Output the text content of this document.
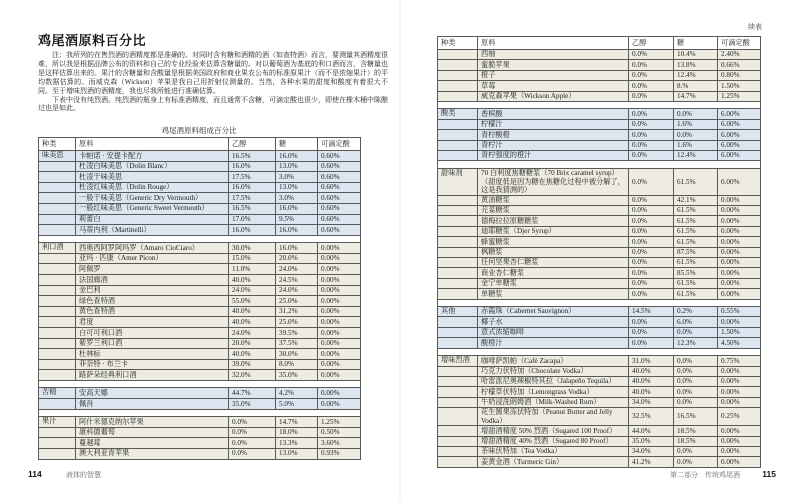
鸡尾酒原料百分比

注：我所列的在售烈酒的酒精度都是准确的。对同时含有糖和酒精的酒（如查特酒）而言，要测量其酒精度很难，所以我是根据品牌公布的资料和自己的专业经验来估算含糖量的。对以葡萄酒为基底的利口酒而言，含糖量也是这样估算出来的。果汁的含糖量和含酸量是根据美国政府和商业果农公布的标准原果汁（而不是浓缩果汁）的平均数据估算的。而威克森（Wickson）苹果是我自己用折射仪测量的。当然，各种水果的甜度和酸度有着很大不同。至于增味烈酒的酒精度，我也尽我所能进行准确估算。

下表中没有纯烈酒。纯烈酒的瓶身上有标准酒精度，而且通常不含糖，可滴定酸也很少，即使在橡木桶中陈酿过也是如此。

鸡尾酒原料组成百分比
种类	原料	乙醇	糖	可滴定酸
味美思	卡帕诺 · 安提卡配方	16.5%	16.0%	0.60%
	杜凌白味美思（Dolin Blanc）	16.0%	13.0%	0.60%
	杜凌干味美思	17.5%	3.0%	0.60%
	杜凌红味美思（Dolin Rouge）	16.0%	13.0%	0.60%
	一般干味美思（Generic Dry Vermouth）	17.5%	3.0%	0.60%
	一般红味美思（Generic Sweet Vermouth）	16.5%	16.0%	0.60%
	莉蕾白	17.0%	9.5%	0.60%
	马蒂内利（Martinelli）	16.0%	16.0%	0.60%

利口酒	西奥西阿罗阿玛罗（Amaro CioCiaro）	30.0%	16.0%	0.00%
	亚玛 · 匹康（Amer Picon）	15.0%	20.0%	0.00%
	阿佩罗	11.0%	24.0%	0.00%
	法国廊酒	40.0%	24.5%	0.00%
	金巴利	24.0%	24.0%	0.00%
	绿色查特酒	55.0%	25.0%	0.00%
	黄色查特酒	40.0%	31.2%	0.00%
	君度	40.0%	25.0%	0.00%
	白可可利口酒	24.0%	39.5%	0.00%
	紫罗兰利口酒	20.0%	37.5%	0.00%
	杜林标	40.0%	30.0%	0.00%
	菲奈特 · 布兰卡	39.0%	8.0%	0.00%
	路萨朵经典利口酒	32.0%	35.0%	0.00%

苦精	安高天娜	44.7%	4.2%	0.00%
	佩肖	35.0%	5.0%	0.00%

果汁	阿什米德克纳尔苹果	0.0%	14.7%	1.25%
	康科德葡萄	0.0%	18.0%	0.50%
	蔓越莓	0.0%	13.3%	3.60%
	澳大利亚青苹果	0.0%	13.0%	0.93%
114	液体的智慧
续表
种类	原料	乙醇	糖	可滴定酸
	西柚	0.0%	10.4%	2.40%
	蜜脆苹果	0.0%	13.8%	0.66%
	橙子	0.0%	12.4%	0.80%
	草莓	0.0%	8.%	1.50%
	威克森苹果（Wickson Apple）	0.0%	14.7%	1.25%

酸类	香槟酸	0.0%	0.0%	6.00%
	柠檬汁	0.0%	1.6%	6.00%
	青柠酸橙	0.0%	0.0%	6.00%
	青柠汁	0.0%	1.6%	6.00%
	青柠强度的橙汁	0.0%	12.4%	6.00%

甜味剂	70 白利度焦糖糖浆（70 Brix caramel syrup）（甜度低是因为糖在焦糖化过程中被分解了，这是我猜测的）	0.0%	61.5%	0.00%
	黄油糖浆	0.0%	42.1%	0.00%
	芫荽糖浆	0.0%	61.5%	0.00%
	德梅拉拉原糖糖浆	0.0%	61.5%	0.00%
	迪耶糖浆（Djer Syrup）	0.0%	61.5%	0.00%
	蜂蜜糖浆	0.0%	61.5%	0.00%
	枫糖浆	0.0%	87.5%	0.00%
	任何坚果杏仁糖浆	0.0%	61.5%	0.00%
	商业杏仁糖浆	0.0%	85.5%	0.00%
	金宁单糖浆	0.0%	61.5%	0.00%
	单糖浆	0.0%	61.5%	0.00%

其他	赤霞珠（Cabernet Sauvignon）	14.5%	0.2%	0.55%
	椰子水	0.0%	6.0%	0.00%
	意式浓缩咖啡	0.0%	0.0%	1.50%
	酸橙汁	0.0%	12.3%	4.50%

增味烈酒	咖啡萨凯帕（Café Zacapa）	31.0%	0.0%	0.75%
	巧克力伏特加（Chocolate Vodka）	40.0%	0.0%	0.00%
	哈雷派尼奥辣椒特其拉（Jalapeño Tequila）	40.0%	0.0%	0.00%
	柠檬草伏特加（Lemongrass Vodka）	40.0%	0.0%	0.00%
	牛奶浸洗朗姆酒（Milk-Washed Rum）	34.0%	0.0%	0.00%
	花生酱果冻伏特加（Peanut Butter and Jelly Vodka）	32.5%	16.5%	0.25%
	增甜酒精度 50% 烈酒（Sugared 100 Proof）	44.0%	18.5%	0.00%
	增甜酒精度 40% 烈酒（Sugared 80 Proof）	35.0%	18.5%	0.00%
	茶味伏特加（Tea Vodka）	34.0%	0.0%	0.00%
	姜黄金酒（Turmeric Gin）	41.2%	0.0%	0.00%
第二部分　传统鸡尾酒	115
